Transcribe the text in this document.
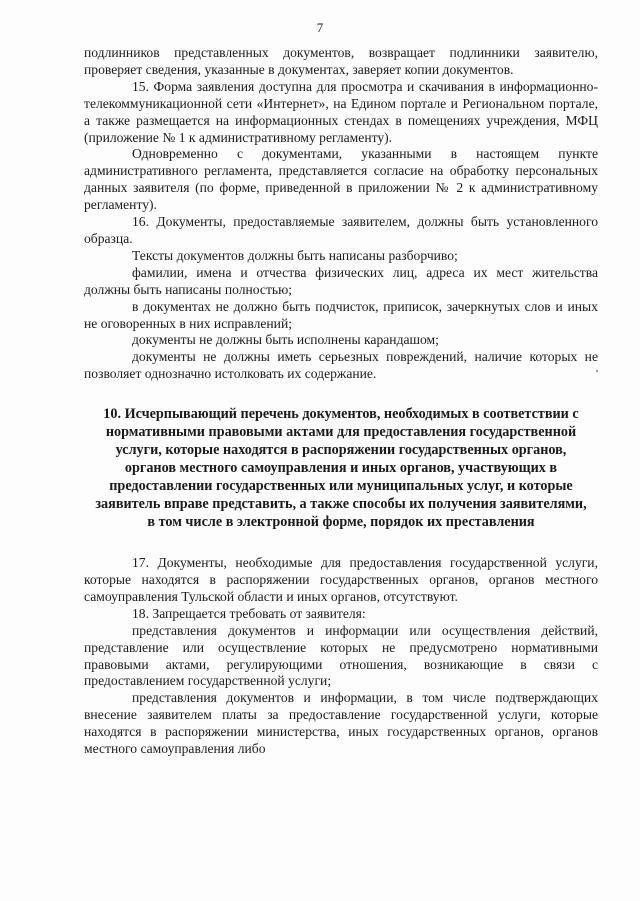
7

подлинников представленных документов, возвращает подлинники заявителю, проверяет сведения, указанные в документах, заверяет копии документов.

15. Форма заявления доступна для просмотра и скачивания в информационно-телекоммуникационной сети «Интернет», на Едином портале и Региональном портале, а также размещается на информационных стендах в помещениях учреждения, МФЦ (приложение № 1 к административному регламенту).

Одновременно с документами, указанными в настоящем пункте административного регламента, представляется согласие на обработку персональных данных заявителя (по форме, приведенной в приложении № 2 к административному регламенту).

16. Документы, предоставляемые заявителем, должны быть установленного образца.

Тексты документов должны быть написаны разборчиво;

фамилии, имена и отчества физических лиц, адреса их мест жительства должны быть написаны полностью;

в документах не должно быть подчисток, приписок, зачеркнутых слов и иных не оговоренных в них исправлений;

документы не должны быть исполнены карандашом;

документы не должны иметь серьезных повреждений, наличие которых не позволяет однозначно истолковать их содержание.

10. Исчерпывающий перечень документов, необходимых в соответствии с нормативными правовыми актами для предоставления государственной услуги, которые находятся в распоряжении государственных органов, органов местного самоуправления и иных органов, участвующих в предоставлении государственных или муниципальных услуг, и которые заявитель вправе представить, а также способы их получения заявителями, в том числе в электронной форме, порядок их преставления

17. Документы, необходимые для предоставления государственной услуги, которые находятся в распоряжении государственных органов, органов местного самоуправления Тульской области и иных органов, отсутствуют.

18. Запрещается требовать от заявителя:

представления документов и информации или осуществления действий, представление или осуществление которых не предусмотрено нормативными правовыми актами, регулирующими отношения, возникающие в связи с предоставлением государственной услуги;

представления документов и информации, в том числе подтверждающих внесение заявителем платы за предоставление государственной услуги, которые находятся в распоряжении министерства, иных государственных органов, органов местного самоуправления либо
